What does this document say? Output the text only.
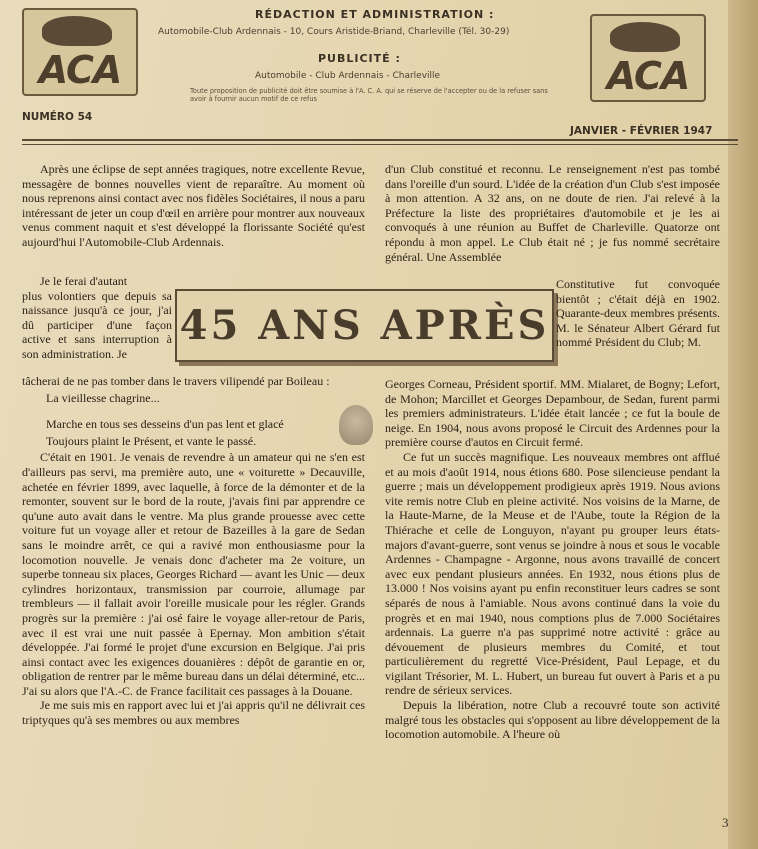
ACA	ACA
RÉDACTION ET ADMINISTRATION :
Automobile-Club Ardennais - 10, Cours Aristide-Briand, Charleville (Tél. 30-29)
PUBLICITÉ :
Automobile - Club Ardennais - Charleville
Toute proposition de publicité doit être soumise à l'A. C. A. qui se réserve de l'accepter ou de la refuser sans avoir à fournir aucun motif de ce refus
NUMÉRO 54
JANVIER - FÉVRIER 1947

Après une éclipse de sept années tragiques, notre excellente Revue, messagère de bonnes nouvelles vient de reparaître. Au moment où nous reprenons ainsi contact avec nos fidèles Sociétaires, il nous a paru intéressant de jeter un coup d'œil en arrière pour montrer aux nouveaux venus comment naquit et s'est développé la florissante Société qu'est aujourd'hui l'Automobile-Club Ardennais.

Je le ferai d'autant

plus volontiers que depuis sa naissance jusqu'à ce jour, j'ai dû participer d'une façon active et sans interruption à son administration. Je

tâcherai de ne pas tomber dans le travers vilipendé par Boileau :

La vieillesse chagrine...

Marche en tous ses desseins d'un pas lent et glacé

Toujours plaint le Présent, et vante le passé.

C'était en 1901. Je venais de revendre à un amateur qui ne s'en est d'ailleurs pas servi, ma première auto, une « voiturette » Decauville, achetée en février 1899, avec laquelle, à force de la démonter et de la remonter, souvent sur le bord de la route, j'avais fini par apprendre ce qu'une auto avait dans le ventre. Ma plus grande prouesse avec cette voiture fut un voyage aller et retour de Bazeilles à la gare de Sedan sans le moindre arrêt, ce qui a ravivé mon enthousiasme pour la locomotion nouvelle. Je venais donc d'acheter ma 2e voiture, un superbe tonneau six places, Georges Richard — avant les Unic — deux cylindres horizontaux, transmission par courroie, allumage par trembleurs — il fallait avoir l'oreille musicale pour les régler. Grands progrès sur la première : j'ai osé faire le voyage aller-retour de Paris, avec il est vrai une nuit passée à Epernay. Mon ambition s'était développée. J'ai formé le projet d'une excursion en Belgique. J'ai pris ainsi contact avec les exigences douanières : dépôt de garantie en or, obligation de rentrer par le même bureau dans un délai déterminé, etc... J'ai su alors que l'A.-C. de France facilitait ces passages à la Douane.

Je me suis mis en rapport avec lui et j'ai appris qu'il ne délivrait ces triptyques qu'à ses membres ou aux membres

45 ANS APRÈS

d'un Club constitué et reconnu. Le renseignement n'est pas tombé dans l'oreille d'un sourd. L'idée de la création d'un Club s'est imposée à mon attention. A 32 ans, on ne doute de rien. J'ai relevé à la Préfecture la liste des propriétaires d'automobile et je les ai convoqués à une réunion au Buffet de Charleville. Quatorze ont répondu à mon appel. Le Club était né ; je fus nommé secrétaire général. Une Assemblée

Constitutive fut convoquée bientôt ; c'était déjà en 1902. Quarante-deux membres présents. M. le Sénateur Albert Gérard fut nommé Président du Club; M.

Georges Corneau, Président sportif. MM. Mialaret, de Bogny; Lefort, de Mohon; Marcillet et Georges Depambour, de Sedan, furent parmi les premiers administrateurs. L'idée était lancée ; ce fut la boule de neige. En 1904, nous avons proposé le Circuit des Ardennes pour la première course d'autos en Circuit fermé.

Ce fut un succès magnifique. Les nouveaux membres ont afflué et au mois d'août 1914, nous étions 680. Pose silencieuse pendant la guerre ; mais un développement prodigieux après 1919. Nous avions vite remis notre Club en pleine activité. Nos voisins de la Marne, de la Haute-Marne, de la Meuse et de l'Aube, toute la Région de la Thiérache et celle de Longuyon, n'ayant pu grouper leurs états-majors d'avant-guerre, sont venus se joindre à nous et sous le vocable Ardennes - Champagne - Argonne, nous avons travaillé de concert avec eux pendant plusieurs années. En 1932, nous étions plus de 13.000 ! Nos voisins ayant pu enfin reconstituer leurs cadres se sont séparés de nous à l'amiable. Nous avons continué dans la voie du progrès et en mai 1940, nous comptions plus de 7.000 Sociétaires ardennais. La guerre n'a pas supprimé notre activité : grâce au dévouement de plusieurs membres du Comité, et tout particulièrement du regretté Vice-Président, Paul Lepage, et du vigilant Trésorier, M. L. Hubert, un bureau fut ouvert à Paris et a pu rendre de sérieux services.

Depuis la libération, notre Club a recouvré toute son activité malgré tous les obstacles qui s'opposent au libre développement de la locomotion automobile. A l'heure où

3
